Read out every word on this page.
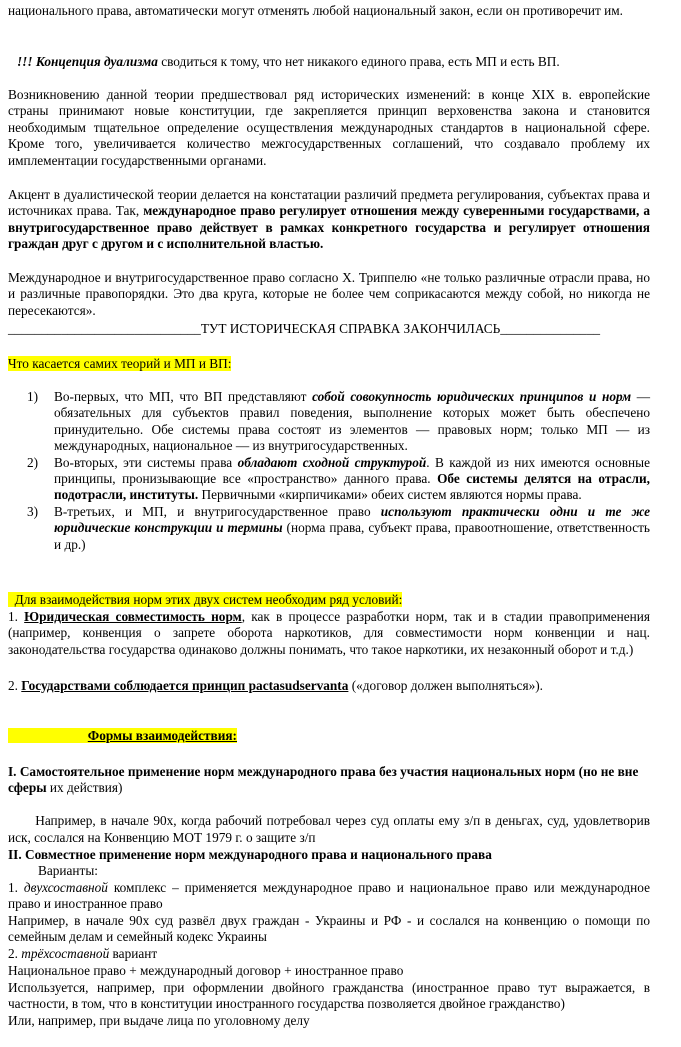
национального права, автоматически могут отменять любой национальный закон, если он противоречит им.

!!! Концепция дуализма сводиться к тому, что нет никакого единого права, есть МП и есть ВП.

Возникновению данной теории предшествовал ряд исторических изменений: в конце XIX в. европейские страны принимают новые конституции, где закрепляется принцип верховенства закона и становится необходимым тщательное определение осуществления международных стандартов в национальной сфере. Кроме того, увеличивается количество межгосударственных соглашений, что создавало проблему их имплементации государственными органами.

Акцент в дуалистической теории делается на констатации различий предмета регулирования, субъектах права и источниках права. Так, международное право регулирует отношения между суверенными государствами, а внутригосударственное право действует в рамках конкретного государства и регулирует отношения граждан друг с другом и с исполнительной властью.

Международное и внутригосударственное право согласно Х. Триппелю «не только различные отрасли права, но и различные правопорядки. Это два круга, которые не более чем соприкасаются между собой, но никогда не пересекаются».

_____________________________ТУТ ИСТОРИЧЕСКАЯ СПРАВКА ЗАКОНЧИЛАСЬ_______________

Что касается самих теорий и МП и ВП:

1)	Во-первых, что МП, что ВП представляют собой совокупность юридических принципов и норм — обязательных для субъектов правил поведения, выполнение которых может быть обеспечено принудительно. Обе системы права состоят из элементов — правовых норм; только МП — из международных, национальное — из внутригосударственных.
2)	Во-вторых, эти системы права обладают сходной структурой. В каждой из них имеются основные принципы, пронизывающие все «пространство» данного права. Обе системы делятся на отрасли, подотрасли, институты. Первичными «кирпичиками» обеих систем являются нормы права.
3)	В-третьих, и МП, и внутригосударственное право используют практически одни и те же юридические конструкции и термины (норма права, субъект права, правоотношение, ответственность и др.)

Для взаимодействия норм этих двух систем необходим ряд условий:

1. Юридическая совместимость норм, как в процессе разработки норм, так и в стадии правоприменения (например, конвенция о запрете оборота наркотиков, для совместимости норм конвенции и нац. законодательства государства одинаково должны понимать, что такое наркотики, их незаконный оборот и т.д.)

2. Государствами соблюдается принцип pactasudservanta («договор должен выполняться»).

Формы взаимодействия:

I. Самостоятельное применение норм международного права без участия национальных норм (но не вне сферы их действия)

Например, в начале 90х, когда рабочий потребовал через суд оплаты ему з/п в деньгах, суд, удовлетворив иск, сослался на Конвенцию МОТ 1979 г. о защите з/п

II. Совместное применение норм международного права и национального права

Варианты:

1. двухсоставной комплекс – применяется международное право и национальное право или международное право и иностранное право

Например, в начале 90х суд развёл двух граждан - Украины и РФ - и сослался на конвенцию о помощи по семейным делам и семейный кодекс Украины

2. трёхсоставной вариант

Национальное право + международный договор + иностранное право

Используется, например, при оформлении двойного гражданства (иностранное право тут выражается, в частности, в том, что в конституции иностранного государства позволяется двойное гражданство)

Или, например, при выдаче лица по уголовному делу
